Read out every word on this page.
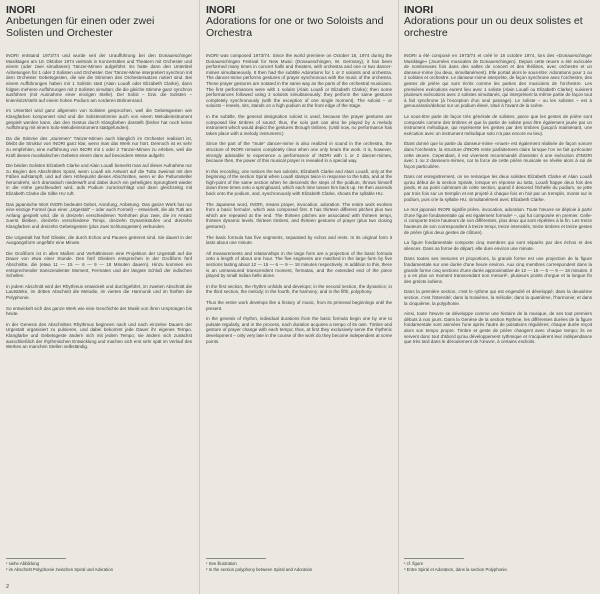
INORI
Anbetungen für einen oder zwei Solisten und Orchester

INORI entstand 1973/74 und wurde seit der Uraufführung bei den Donaueschinger Musiktagen am 18. Oktober 1974 vielmals in Konzertsälen und Theatern mit Orchester und einem (oder zwei simultanen) Tänzer-Mimen aufgeführt. Es hatte dann den Untertitel Anbetungen für 1 oder 2 Solisten und Orchester. Der Tänzer-Mime interpretiert synchron mit dem Orchester Gebetsgesten, die wie die Stimmen des Orchestersatzes notiert sind. Bei einem Aufführungen haben mir 1 Solistin statt (Alain Louafi oder Elizabeth Clarke), dann folgten mehrere Aufführungen mit 2 Solisten simultan; die die gleiche Stimme ganz synchron ausführen (mit Ausnahme einer einzigen Stelle). Der Solist – bzw. die Solisten – knien/sitzt/steht auf einem hohen Podium am vorderen Bühnenrand.

Im Untertitel wird ganz allgemein von Solisten gesprochen, weil die Gebetsgesten wie Klangfarben komponiert sind und die Solistenstimme auch von einem Melodieinstrument gespielt werden kann, das den Gestus durch Klangfarben darstellt (bisher hat noch keine Aufführung mit einem Solo-Melodieinstrument stattgefunden).

Da die Stimme des „stummen“ Tänzer-Mimen auch klanglich im Orchester realisiert ist, bleibt die Struktur von INORI ganz klar, wenn man das Werk nur hört. Dennoch ist es sehr zu empfehlen, eine Aufführung von INORI mit 1 oder 2 Tänzer-Mimen zu erleben, weil die Kraft dieses musikalischen Gebetes einem dann auf besondere Weise aufgeht.

Die beiden Solisten Elizabeth Clarke und Alain Louafi bemerkt man auf dieser Aufnahme nur zu Beginn des Abschnittes Spiral, wenn Louafi als Antwort auf die Tutta zweimal mit den Füßen aufstampft, und auf dem Höhepunkt dieses Abschnittes, wenn er die Pultumsteller herumdreht, sich dramatisch niederwirft und dabei durch ein geheiligtes Sprungbrett wieder in die Höhe geschleudert wird, aufs Podium zurückschlägt und dann gleichzeitig mit Elizabeth Clarke die Silbe HU ruft.

Das japanische Wort INORI bedeutet Gebet, Anrufung, Anbetung. Das ganze Werk hat nur eine einzige Formel (aus einer „Urgestalt“ – oder auch Formel) – entwickelt, die als Tutti am Anfang gespielt wird, die in dreizehn verschiedenen Tonhöhen plus zwei, die im Ansatz zuerst bleiben, dreizehn verschiedene Tempi, dreizehn Dynamikstufen und dreizehn Klangfarben und dreizehn Gebetsgesten (plus zwei Schlussgesten) verbunden.

Die Urgestalt hat fünf Glieder, die durch Echos und Pausen getrennt sind. Sie dauert in der Ausgangsform ungefähr eine Minute.

Die Großform ist in allen Maßen und Verhältnissen eine Projektion der Urgestalt auf die Dauer von etwa einer Stunde. Den fünf Gliedern entsprechen in der Großform fünf Abschnitte, die (etwa 11 — 15 — 6 — 9 — 18 Minuten dauern). Hinzu kommen ein entsprechender transzendenter Moment, Fermaten und der längste Schluß der indischen Schellen.

In jedem Abschnitt wird der Rhythmus entwickelt und durchgeführt, im zweiten Abschnitt die Lautstärke, im dritten Abschnitt die Melodie, im vierten die Harmonik und im fünften die Polyphonie.

So entwickelt sich das ganze Werk wie eine Geschichte der Musik von ihren Ursprüngen bis heute.

In der Genesis des Abschnittes Rhythmus beginnen nach und nach einzelne Dauern der Urgestalt organisiert zu pulsieren, und dabei bekommt jede Dauer ihr eigenes Tempo. Klangfarbe und Gebetsgeste ändern sich mit jedem Tempo; sie ändern sich zunächst ausschließlich der rhythmischen Entwicklung und machen sich erst sehr spät im Verlauf des Werkes an manchen Stellen selbständig.

INORI
Adorations for one or two Soloists and Orchestra

INORI was composed 1973/74. Since the world premiere on October 18, 1974 during the Donaueschingen Festival for New Music (Donaueschingen, W. Germany), it has been performed many times in concert halls and theaters, with orchestra and one or two dancer-mimes simultaneously. It then had the subtitle Adorations for 1 or 2 soloists and orchestra. The dancer-mime performs gestures of prayer synchronous with the music of the orchestra. These prayer gestures are notated in the same way as the parts of the orchestral musicians. The first performances were with 1 soloist (Alain Louafi or Elizabeth Clarke); then some performances followed using 2 soloists simultaneously: they perform the same gestures completely synchronously (with the exception of one single moment). The soloist – or soloists – kneels, sits, stands on a high podium at the front edge of the stage.

In the subtitle, the general designation soloist is used, because the prayer gestures are composed like timbres of sound; thus, the solo part can also be played by a melody instrument which would depict the gestures through timbres. (Until now, no performance has taken place with a melody instrument.)

Since the part of the “mute” dancer-mime is also realized in sound in the orchestra, the structure of INORI remains completely clear when one only hears the work. It is, however, strongly advisable to experience a performance of INORI with 1 or 2 dancer-mimes, because then, the power of this musical prayer is revealed in a special way.

In this recording, one notices the two soloists, Elizabeth Clarke and Alain Louafi, only at the beginning of the section Spiral when Louafi stamps twice in response to the tutta, and at the high-point of the same section when he descends the steps of the podium, throws himself down three times onto a springboard, which each time tosses him back up. He then ascends back onto the podium, and, synchronously with Elizabeth Clarke, shouts the syllable HU.

The Japanese word, INORI, means prayer, invocation, adoration. The entire work evolves from a basic formula¹, which was composed first. It has thirteen different pitches plus two which are repeated at the end. The thirteen pitches are associated with thirteen tempi, thirteen dynamic levels, thirteen timbres, and thirteen gestures of prayer (plus two closing gestures).

The basic formula has five segments, separated by echos and rests. In its original form it lasts about one minute.

All measurements and relationships in the large form are a projection of the basic formula onto a length of about one hour. The five segments are matched in the large form by five sections lasting about 12 — 15 — 6 — 9 — 18 minutes respectively. In addition to this, there is an unmeasured transcendent moment, fermatas, and the extended end of the piece played by small Indian bells alone.

In the first section, the rhythm unfolds and develops; in the second section, the dynamics; in the third section, the melody; in the fourth, the harmony; and in the fifth, polyphony.

Thus the entire work develops like a history of music, from its primeval beginnings until the present.

In the genesis of rhythm, individual durations from the basic formula begin one by one to pulsate regularly, and in the process, each duration acquires a tempo of its own. Timbre and gesture of prayer change with each tempo; thus, at first they exclusively serve the rhythmic development – only very late in the course of the work do they become independent at some points.

INORI
Adorations pour un ou deux solistes et orchestre

INORI a été composé en 1973/74 et créé le 18 octobre 1974, lors des «Donaueschinger Musiktage» (Journées musicales de Donaueschingen). Depuis cette œuvre a été exécutée de nombreuses fois dans des salles de concert et des théâtres, avec orchestre et un danseur-mime (ou deux, simultanément). Elle portait alors le sous-titre: Adorations pour 1 ou 2 solistes et orchestre. Le danseur-mime interprète, de façon synchrone avec l'orchestre, des gestes de prière qui sont écrits comme les parties des musiciens de l'orchestre. Les premières exécutions eurent lieu avec 1 soliste (Alain Louafi ou Elizabeth Clarke); suivirent plusieurs exécutions avec 2 solistes simultanés, qui interprètent la même partie de façon tout à fait synchrone (à l'exception d'un seul passage). Le soliste – ou les solistes – est à genoux/assis/debout sur un podium élevé, situé à l'avant de la scène.

Le sous-titre parle de façon très générale de solistes, parce que les gestes de prière sont composés comme des timbres et que la partie de soliste peut être également jouée par un instrument mélodique, qui représente les gestes par des timbres (jusqu'à maintenant, une exécution avec un instrument mélodique solo n'a pas encore eu lieu).

Étant donné que la partie du danseur-mime «muet» est également réalisée de façon sonore dans l'orchestre, la structure d'INORI reste parfaitement claire lorsque l'on ne fait qu'écouter cette œuvre. Cependant, il est vivement recommandé d'assister à une exécution d'INORI avec 1 ou 2 danseurs-mimes, car la force de cette prière musicale se révèle alors à soi de façon particulière.

Dans cet enregistrement, on ne remarque les deux solistes Elizabeth Clarke et Alain Louafi qu'au début de la section Spirale, lorsque en réponse au tutta, Louafi frappe deux fois des pieds, et au point culminant de cette section, quand il descend l'échelle du podium, se jette par trois fois sur un tremplin et est projeté à chaque fois en l'air par un tremplin, monte sur le podium, puis crie la syllabe HU, simultanément avec Elizabeth Clarke.

Le mot japonais INORI signifie prière, invocation, adoration. Toute l'œuvre se déploie à partir d'une figure fondamentale qui est également formule¹ –, qui fut composée en premier. Celle-ci comporte treize hauteurs de son différentes, plus deux qui sont répétées à la fin. Les treize hauteurs de son correspondent à treize tempi, treize intensités, treize timbres et treize gestes de prière (plus deux gestes de clôture).

La figure fondamentale comporte cinq membres qui sont séparés par des échos et des silences. Dans sa forme de départ, elle dure environ une minute.

Dans toutes ses mesures et proportions, la grande forme est une projection de la figure fondamentale sur une durée d'une heure environ. Aux cinq membres correspondent dans la grande forme cinq sections d'une durée approximative de 12 — 15 — 6 — 9 — 18 minutes. Il y a en plus un moment transcendant non mesuré¹, plusieurs points d'orgue et la longue fin des grelots indiens.

Dans la première section, c'est le rythme qui est engendré et développé; dans la deuxième section, c'est l'intensité; dans la troisième, la mélodie; dans la quatrième, l'harmonie; et dans la cinquième, la polyphonie.

Ainsi, toute l'œuvre se développe comme une histoire de la musique, de ses tout premiers débuts à nos jours. Dans la Genèse de la section Rythme, les différentes durées de la figure fondamentale sont animées l'une après l'autre de pulsations régulières; chaque durée reçoit alors son tempo propre. Timbre et geste de prière changent avec chaque tempo; ils ne servent donc tout d'abord qu'au développement rythmique et n'acquièrent leur indépendance que très tard dans le déroulement de l'œuvre, à certains endroits.

¹ siehe Abbildung
² im Abschnitt Polyphonie zwischen Spiral und Adoration
¹ See illustration
² In the section polyphony between Spiral and Adoration
¹ cf. figure
² Entre Spiral et Adoration, dans la section Polyphonie.
2
